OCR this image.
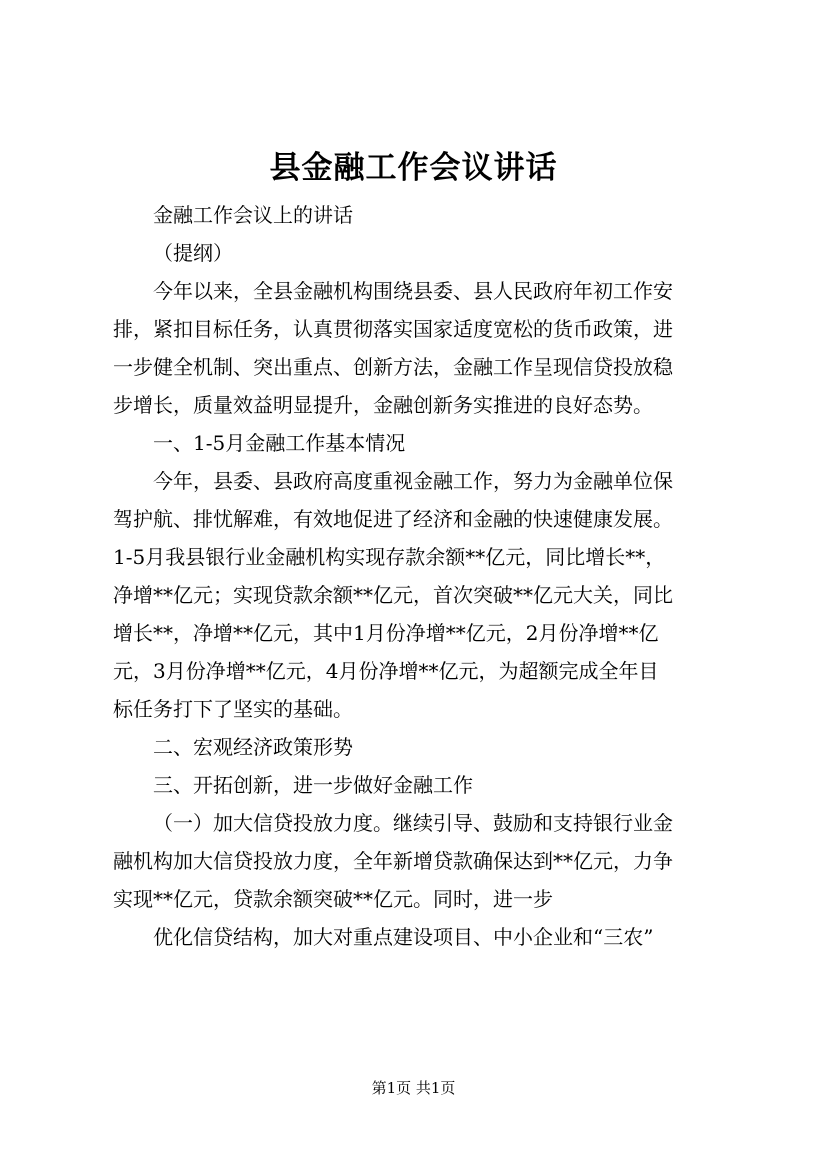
县金融工作会议讲话

金融工作会议上的讲话

（提纲）

今年以来，全县金融机构围绕县委、县人民政府年初工作安

排，紧扣目标任务，认真贯彻落实国家适度宽松的货币政策，进

一步健全机制、突出重点、创新方法，金融工作呈现信贷投放稳

步增长，质量效益明显提升，金融创新务实推进的良好态势。

一、1-5月金融工作基本情况

今年，县委、县政府高度重视金融工作，努力为金融单位保

驾护航、排忧解难，有效地促进了经济和金融的快速健康发展。

1-5月我县银行业金融机构实现存款余额**亿元，同比增长**，

净增**亿元；实现贷款余额**亿元，首次突破**亿元大关，同比

增长**，净增**亿元，其中1月份净增**亿元，2月份净增**亿

元，3月份净增**亿元，4月份净增**亿元，为超额完成全年目

标任务打下了坚实的基础。

二、宏观经济政策形势

三、开拓创新，进一步做好金融工作

（一）加大信贷投放力度。继续引导、鼓励和支持银行业金

融机构加大信贷投放力度，全年新增贷款确保达到**亿元，力争

实现**亿元，贷款余额突破**亿元。同时，进一步

优化信贷结构，加大对重点建设项目、中小企业和“三农”

第1页 共1页
